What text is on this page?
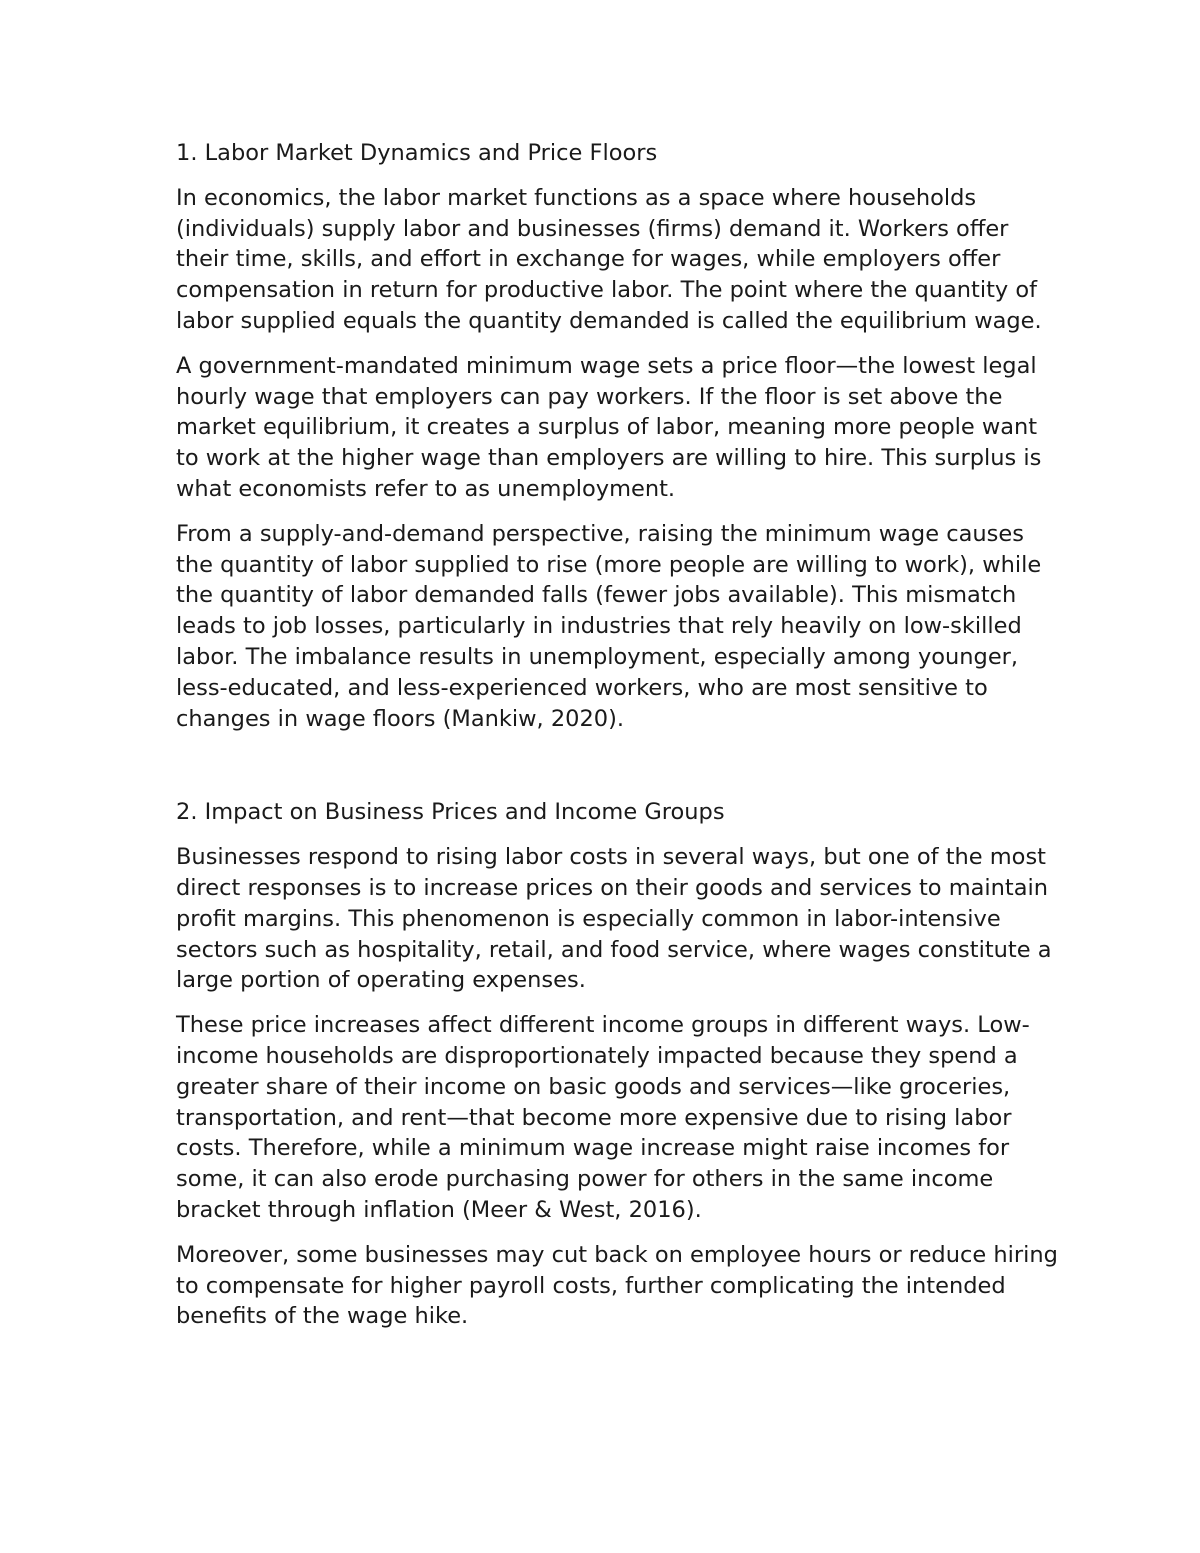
1. Labor Market Dynamics and Price Floors

In economics, the labor market functions as a space where households (individuals) supply labor and businesses (firms) demand it. Workers offer their time, skills, and effort in exchange for wages, while employers offer compensation in return for productive labor. The point where the quantity of labor supplied equals the quantity demanded is called the equilibrium wage.

A government-mandated minimum wage sets a price floor—the lowest legal hourly wage that employers can pay workers. If the floor is set above the market equilibrium, it creates a surplus of labor, meaning more people want to work at the higher wage than employers are willing to hire. This surplus is what economists refer to as unemployment.

From a supply-and-demand perspective, raising the minimum wage causes the quantity of labor supplied to rise (more people are willing to work), while the quantity of labor demanded falls (fewer jobs available). This mismatch leads to job losses, particularly in industries that rely heavily on low-skilled labor. The imbalance results in unemployment, especially among younger, less-educated, and less-experienced workers, who are most sensitive to changes in wage floors (Mankiw, 2020).

2. Impact on Business Prices and Income Groups

Businesses respond to rising labor costs in several ways, but one of the most direct responses is to increase prices on their goods and services to maintain profit margins. This phenomenon is especially common in labor-intensive sectors such as hospitality, retail, and food service, where wages constitute a large portion of operating expenses.

These price increases affect different income groups in different ways. Low-income households are disproportionately impacted because they spend a greater share of their income on basic goods and services—like groceries, transportation, and rent—that become more expensive due to rising labor costs. Therefore, while a minimum wage increase might raise incomes for some, it can also erode purchasing power for others in the same income bracket through inflation (Meer & West, 2016).

Moreover, some businesses may cut back on employee hours or reduce hiring to compensate for higher payroll costs, further complicating the intended benefits of the wage hike.
